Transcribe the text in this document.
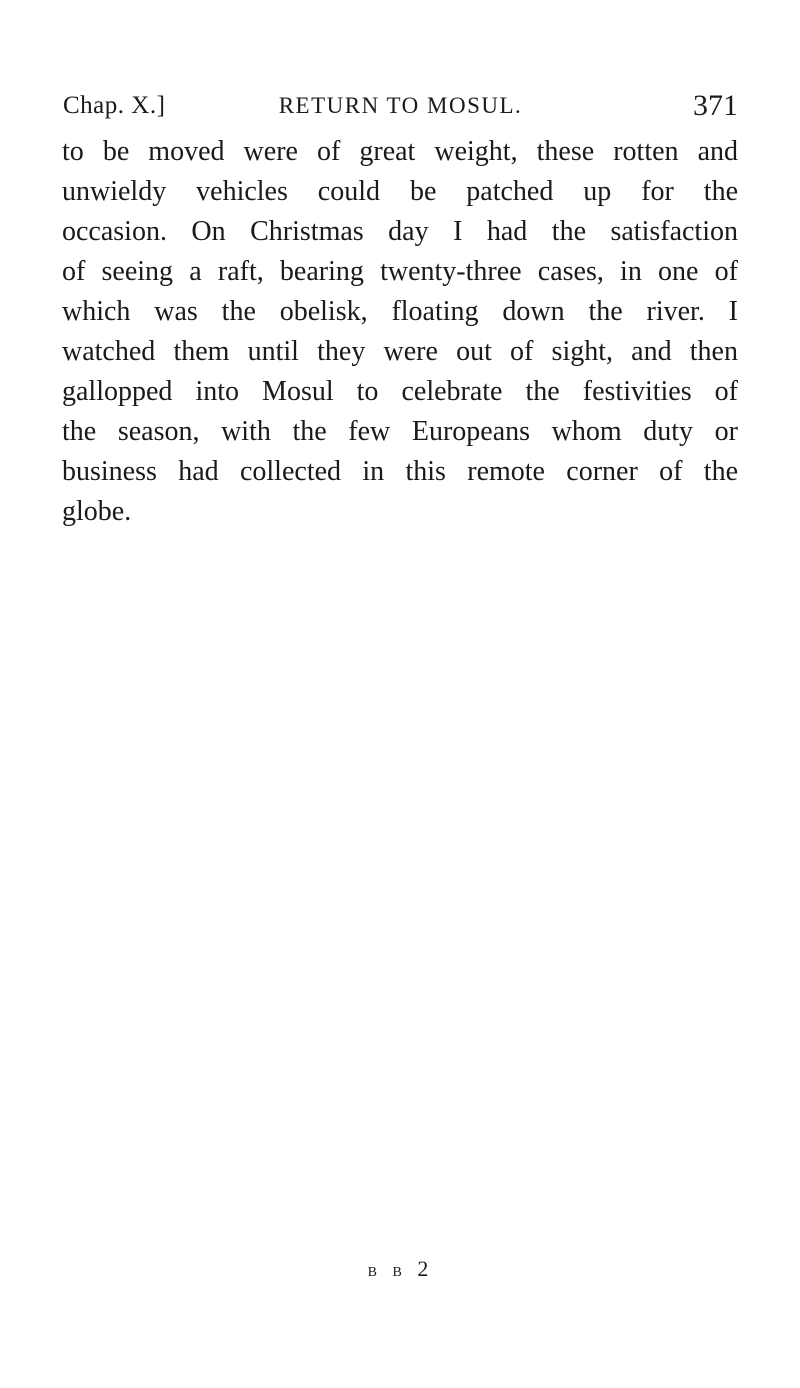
Chap. X.]	RETURN TO MOSUL.	371
to be moved were of great weight, these rotten and
unwieldy vehicles could be patched up for the
occasion. On Christmas day I had the satisfaction
of seeing a raft, bearing twenty-three cases, in one of
which was the obelisk, floating down the river. I
watched them until they were out of sight, and then
gallopped into Mosul to celebrate the festivities of
the season, with the few Europeans whom duty or
business had collected in this remote corner of the
globe.
B B 2
